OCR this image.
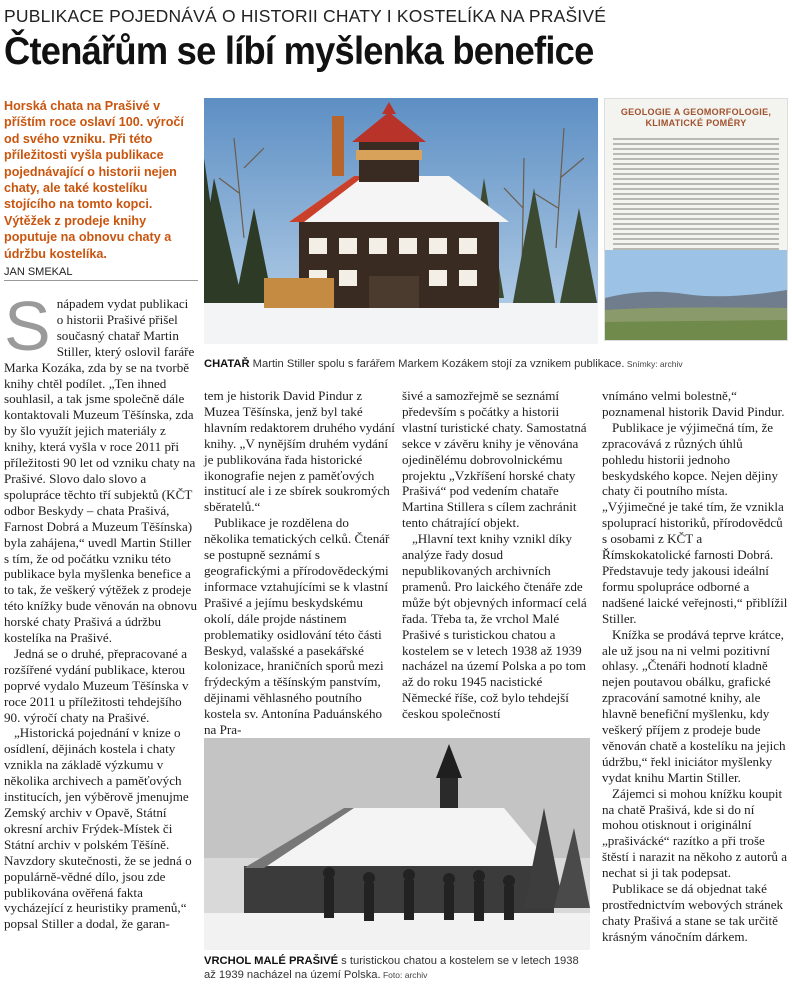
PUBLIKACE POJEDNÁVÁ O HISTORII CHATY I KOSTELÍKA NA PRAŠIVÉ
Čtenářům se líbí myšlenka benefice
Horská chata na Prašivé v příštím roce oslaví 100. výročí od svého vzniku. Při této příležitosti vyšla publikace pojednávající o historii nejen chaty, ale také kostelíku stojícího na tomto kopci. Výtěžek z prodeje knihy poputuje na obnovu chaty a údržbu kostelíka.
JAN SMEKAL
GEOLOGIE A GEOMORFOLOGIE, KLIMATICKÉ POMĚRY
CHATAŘ Martin Stiller spolu s farářem Markem Kozákem stojí za vznikem publikace. Snímky: archiv

Snápadem vydat publikaci o historii Prašivé přišel současný chatař Martin Stiller, který oslovil faráře Marka Kozáka, zda by se na tvorbě knihy chtěl podílet. „Ten ihned souhlasil, a tak jsme společně dále kontaktovali Muzeum Těšínska, zda by šlo využít jejich materiály z knihy, která vyšla v roce 2011 při příležitosti 90 let od vzniku chaty na Prašivé. Slovo dalo slovo a spolupráce těchto tří subjektů (KČT odbor Beskydy – chata Prašivá, Farnost Dobrá a Muzeum Těšínska) byla zahájena,“ uvedl Martin Stiller s tím, že od počátku vzniku této publikace byla myšlenka benefice a to tak, že veškerý výtěžek z prodeje této knížky bude věnován na obnovu horské chaty Prašivá a údržbu kostelíka na Prašivé.

Jedná se o druhé, přepracované a rozšířené vydání publikace, kterou poprvé vydalo Muzeum Těšínska v roce 2011 u příležitosti tehdejšího 90. výročí chaty na Prašivé.

„Historická pojednání v knize o osídlení, dějinách kostela i chaty vznikla na základě výzkumu v několika archivech a paměťových institucích, jen výběrově jmenujme Zemský archiv v Opavě, Státní okresní archiv Frýdek-Místek či Státní archiv v polském Těšíně. Navzdory skutečnosti, že se jedná o populárně-vědné dílo, jsou zde publikována ověřená fakta vycházející z heuristiky pramenů,“ popsal Stiller a dodal, že garan-

tem je historik David Pindur z Muzea Těšínska, jenž byl také hlavním redaktorem druhého vydání knihy. „V nynějším druhém vydání je publikována řada historické ikonografie nejen z paměťových institucí ale i ze sbírek soukromých sběratelů.“

Publikace je rozdělena do několika tematických celků. Čtenář se postupně seznámí s geografickými a přírodovědeckými informace vztahujícími se k vlastní Prašivé a jejímu beskydskému okolí, dále projde nástinem problematiky osidlování této části Beskyd, valašské a pasekářské kolonizace, hraničních sporů mezi frýdeckým a těšínským panstvím, dějinami věhlasného poutního kostela sv. Antonína Paduánského na Pra-

šivé a samozřejmě se seznámí především s počátky a historii vlastní turistické chaty. Samostatná sekce v závěru knihy je věnována ojedinělému dobrovolnickému projektu „Vzkříšení horské chaty Prašivá“ pod vedením chataře Martina Stillera s cílem zachránit tento chátrající objekt.

„Hlavní text knihy vznikl díky analýze řady dosud nepublikovaných archivních pramenů. Pro laického čtenáře zde může být objevných informací celá řada. Třeba ta, že vrchol Malé Prašivé s turistickou chatou a kostelem se v letech 1938 až 1939 nacházel na území Polska a po tom až do roku 1945 nacistické Německé říše, což bylo tehdejší českou společností

vnímáno velmi bolestně,“ poznamenal historik David Pindur.

Publikace je výjimečná tím, že zpracovává z různých úhlů pohledu historii jednoho beskydského kopce. Nejen dějiny chaty či poutního místa. „Výjimečné je také tím, že vznikla spoluprací historiků, přírodovědců s osobami z KČT a Římskokatolické farnosti Dobrá. Představuje tedy jakousi ideální formu spolupráce odborné a nadšené laické veřejnosti,“ přiblížil Stiller.

Knížka se prodává teprve krátce, ale už jsou na ni velmi pozitivní ohlasy. „Čtenáři hodnotí kladně nejen poutavou obálku, grafické zpracování samotné knihy, ale hlavně benefiční myšlenku, kdy veškerý příjem z prodeje bude věnován chatě a kostelíku na jejich údržbu,“ řekl iniciátor myšlenky vydat knihu Martin Stiller.

Zájemci si mohou knížku koupit na chatě Prašivá, kde si do ní mohou otisknout i originální „prašivácké“ razítko a při troše štěstí i narazit na někoho z autorů a nechat si ji tak podepsat.

Publikace se dá objednat také prostřednictvím webových stránek chaty Prašivá a stane se tak určitě krásným vánočním dárkem.

VRCHOL MALÉ PRAŠIVÉ s turistickou chatou a kostelem se v letech 1938 až 1939 nacházel na území Polska. Foto: archiv
